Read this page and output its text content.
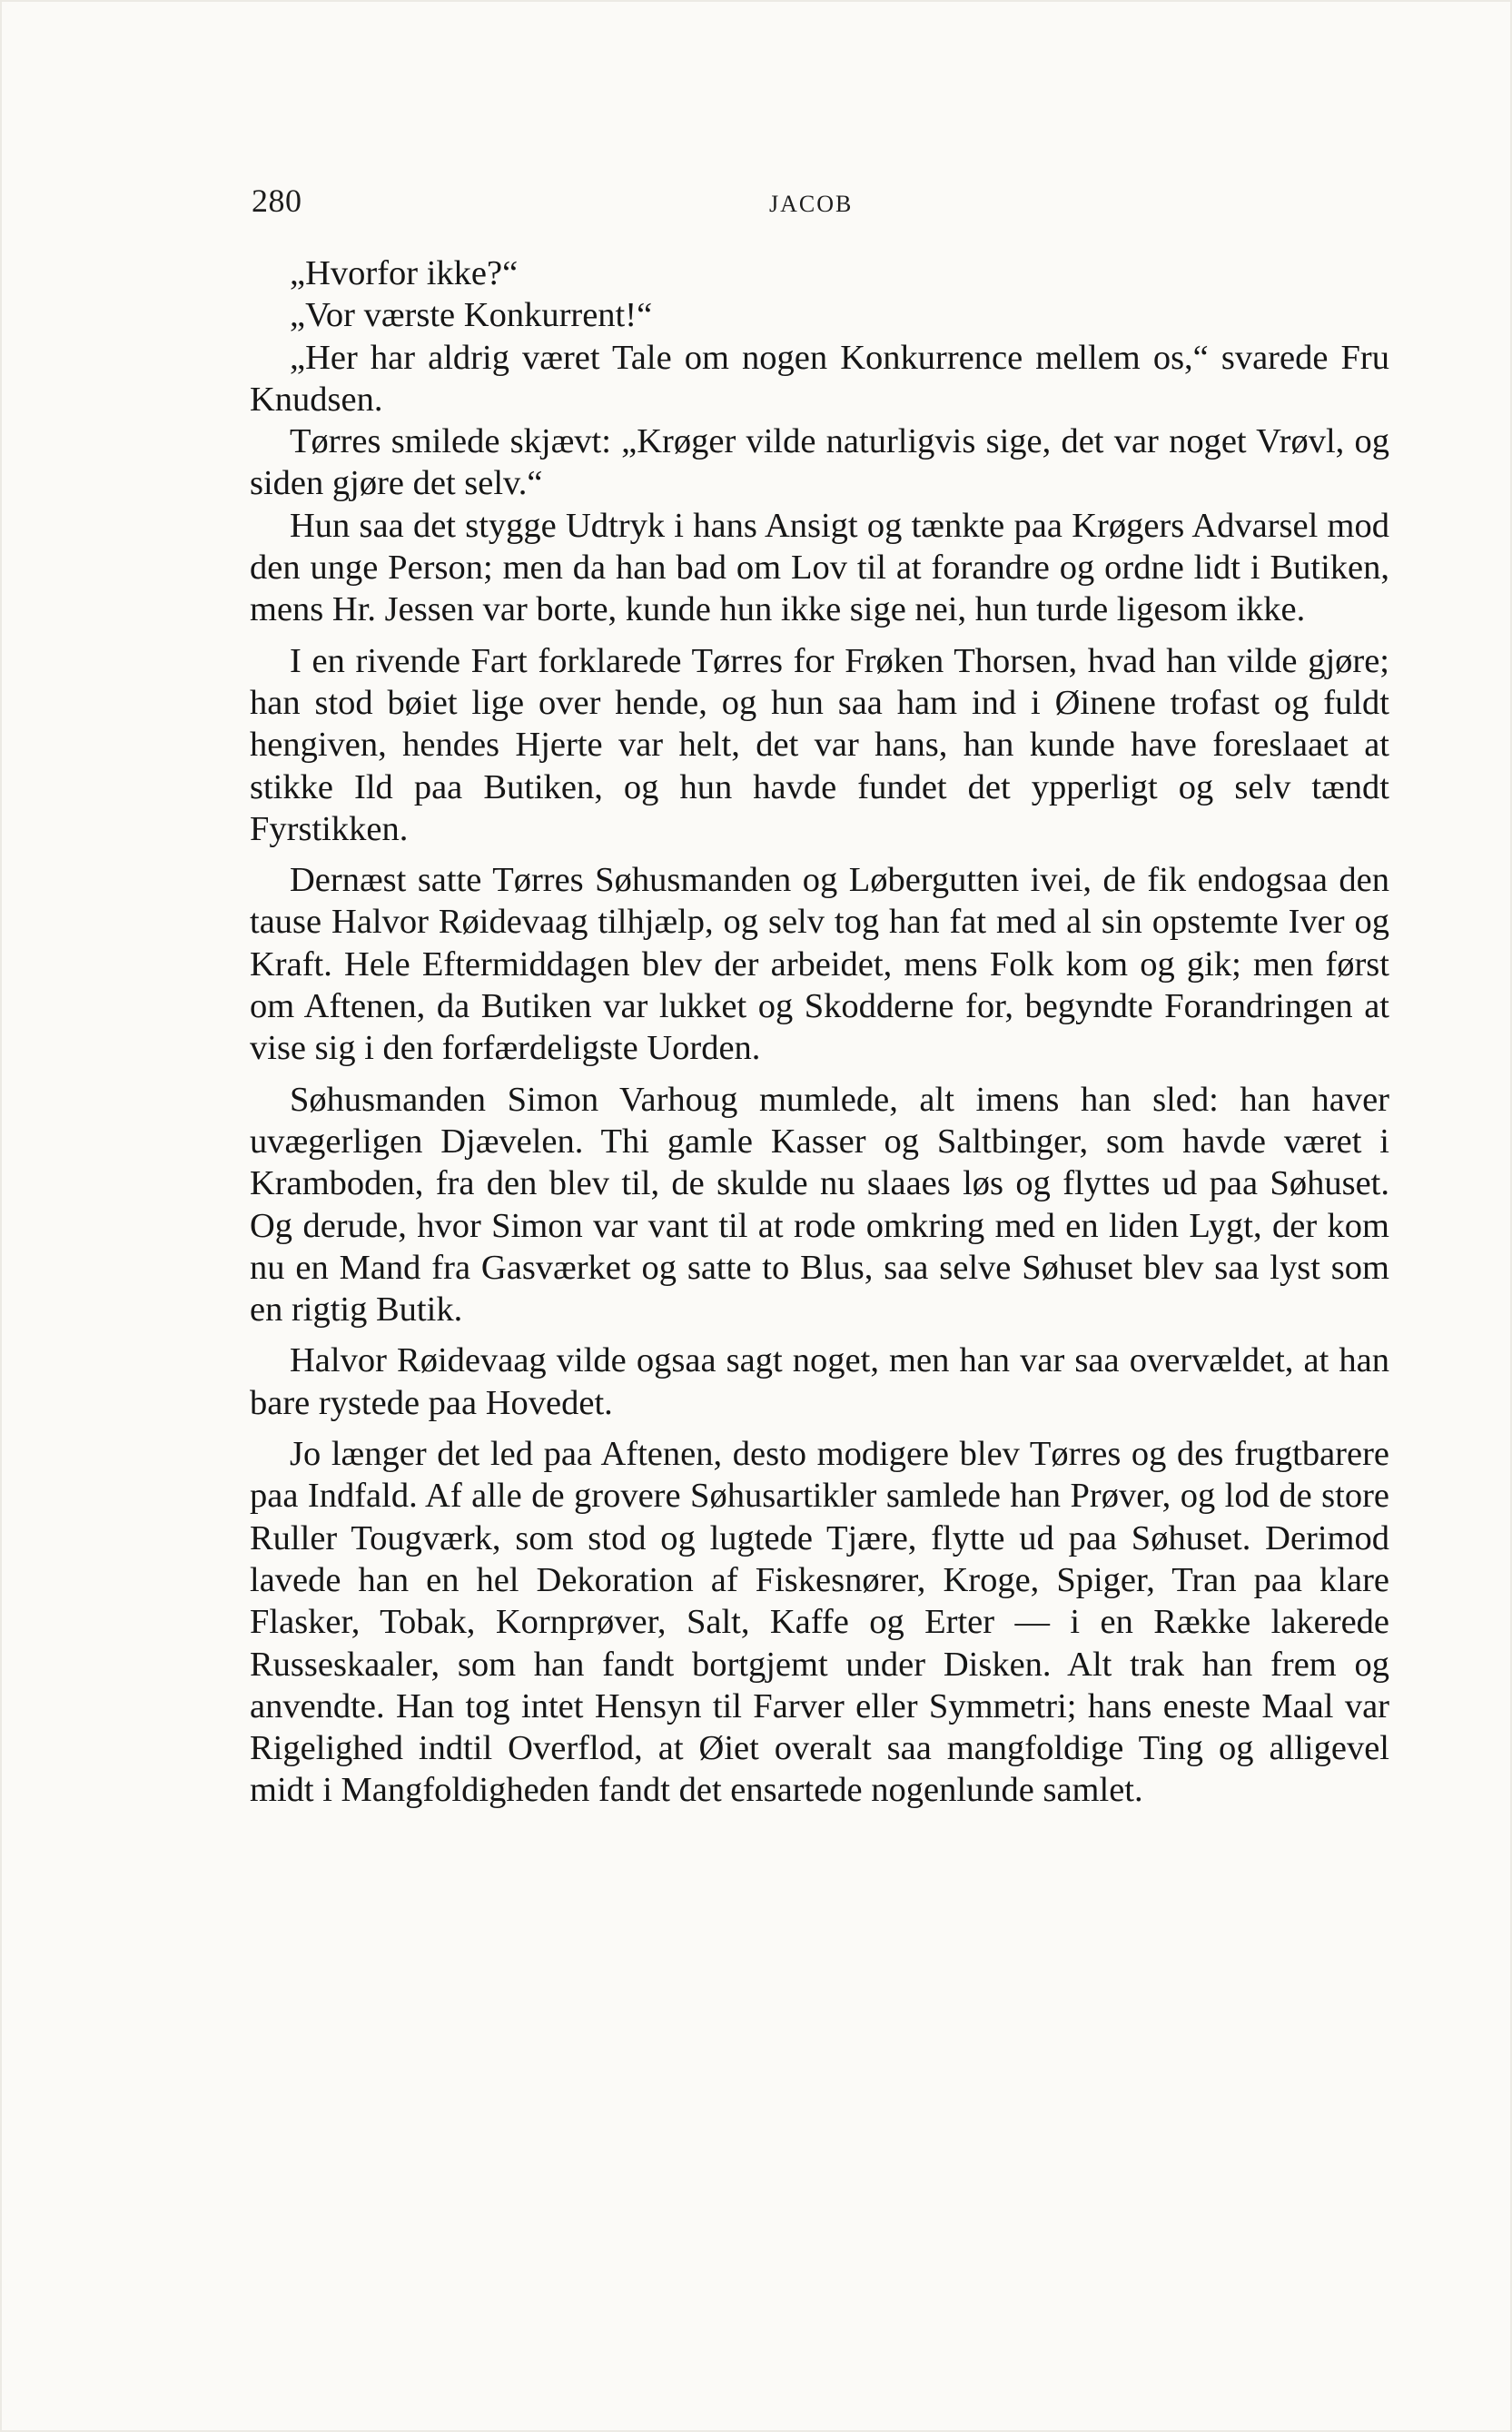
280	JACOB

„Hvorfor ikke?“

„Vor værste Konkurrent!“

„Her har aldrig været Tale om nogen Konkurrence mellem os,“ svarede Fru Knudsen.

Tørres smilede skjævt: „Krøger vilde naturligvis sige, det var noget Vrøvl, og siden gjøre det selv.“

Hun saa det stygge Udtryk i hans Ansigt og tænkte paa Krøgers Advarsel mod den unge Person; men da han bad om Lov til at forandre og ordne lidt i Butiken, mens Hr. Jessen var borte, kunde hun ikke sige nei, hun turde ligesom ikke.

I en rivende Fart forklarede Tørres for Frøken Thorsen, hvad han vilde gjøre; han stod bøiet lige over hende, og hun saa ham ind i Øinene trofast og fuldt hengiven, hendes Hjerte var helt, det var hans, han kunde have foreslaaet at stikke Ild paa Butiken, og hun havde fundet det ypperligt og selv tændt Fyrstikken.

Dernæst satte Tørres Søhusmanden og Løbergutten ivei, de fik endogsaa den tause Halvor Røidevaag tilhjælp, og selv tog han fat med al sin opstemte Iver og Kraft. Hele Eftermiddagen blev der arbeidet, mens Folk kom og gik; men først om Aftenen, da Butiken var lukket og Skodderne for, begyndte Forandringen at vise sig i den forfærdeligste Uorden.

Søhusmanden Simon Varhoug mumlede, alt imens han sled: han haver uvægerligen Djævelen. Thi gamle Kasser og Saltbinger, som havde været i Kramboden, fra den blev til, de skulde nu slaaes løs og flyttes ud paa Søhuset. Og derude, hvor Simon var vant til at rode omkring med en liden Lygt, der kom nu en Mand fra Gasværket og satte to Blus, saa selve Søhuset blev saa lyst som en rigtig Butik.

Halvor Røidevaag vilde ogsaa sagt noget, men han var saa overvældet, at han bare rystede paa Hovedet.

Jo længer det led paa Aftenen, desto modigere blev Tørres og des frugtbarere paa Indfald. Af alle de grovere Søhusartikler samlede han Prøver, og lod de store Ruller Tougværk, som stod og lugtede Tjære, flytte ud paa Søhuset. Derimod lavede han en hel Dekoration af Fiskesnører, Kroge, Spiger, Tran paa klare Flasker, Tobak, Kornprøver, Salt, Kaffe og Erter — i en Række lakerede Russeskaaler, som han fandt bortgjemt under Disken. Alt trak han frem og anvendte. Han tog intet Hensyn til Farver eller Symmetri; hans eneste Maal var Rigelighed indtil Overflod, at Øiet overalt saa mangfoldige Ting og alligevel midt i Mangfoldigheden fandt det ensartede nogenlunde samlet.
